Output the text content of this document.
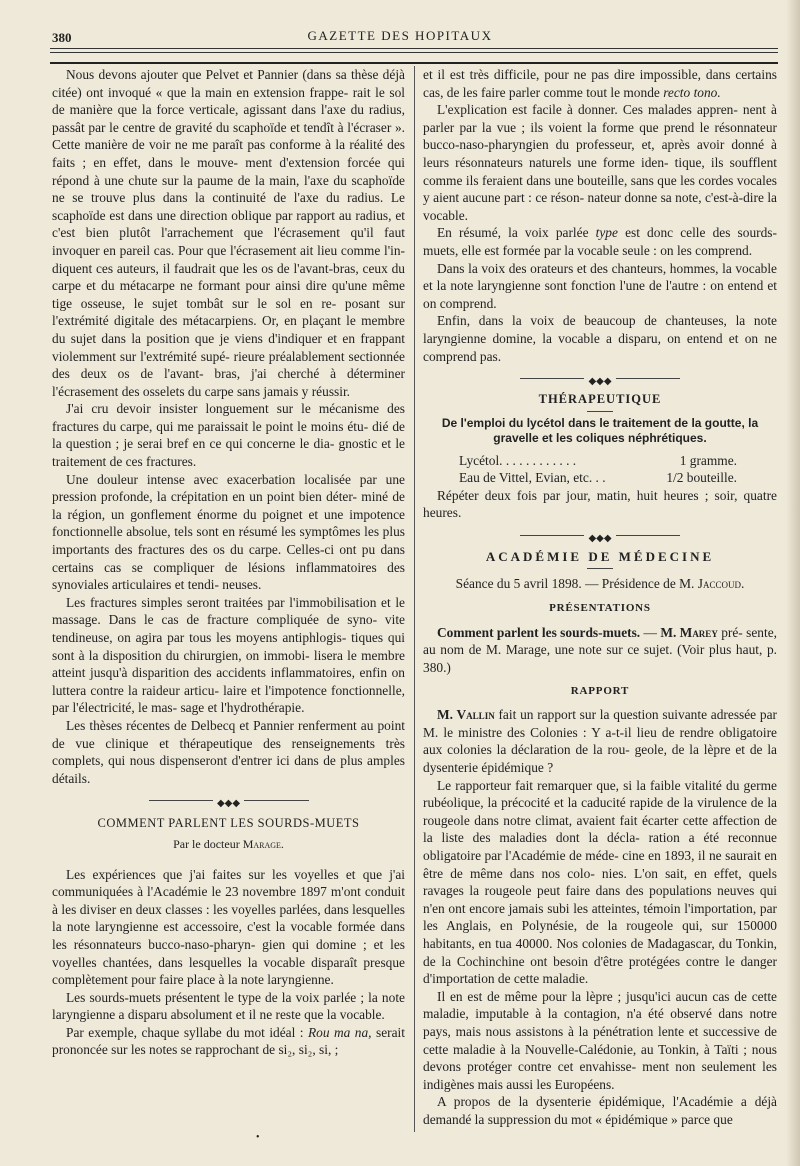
380	GAZETTE DES HOPITAUX

Nous devons ajouter que Pelvet et Pannier (dans sa thèse déjà citée) ont invoqué « que la main en extension frappe- rait le sol de manière que la force verticale, agissant dans l'axe du radius, passât par le centre de gravité du scaphoïde et tendît à l'écraser ». Cette manière de voir ne me paraît pas conforme à la réalité des faits ; en effet, dans le mouve- ment d'extension forcée qui répond à une chute sur la paume de la main, l'axe du scaphoïde ne se trouve plus dans la continuité de l'axe du radius. Le scaphoïde est dans une direction oblique par rapport au radius, et c'est bien plutôt l'arrachement que l'écrasement qu'il faut invoquer en pareil cas. Pour que l'écrasement ait lieu comme l'in- diquent ces auteurs, il faudrait que les os de l'avant-bras, ceux du carpe et du métacarpe ne formant pour ainsi dire qu'une même tige osseuse, le sujet tombât sur le sol en re- posant sur l'extrémité digitale des métacarpiens. Or, en plaçant le membre du sujet dans la position que je viens d'indiquer et en frappant violemment sur l'extrémité supé- rieure préalablement sectionnée des deux os de l'avant- bras, j'ai cherché à déterminer l'écrasement des osselets du carpe sans jamais y réussir.

J'ai cru devoir insister longuement sur le mécanisme des fractures du carpe, qui me paraissait le point le moins étu- dié de la question ; je serai bref en ce qui concerne le dia- gnostic et le traitement de ces fractures.

Une douleur intense avec exacerbation localisée par une pression profonde, la crépitation en un point bien déter- miné de la région, un gonflement énorme du poignet et une impotence fonctionnelle absolue, tels sont en résumé les symptômes les plus importants des fractures des os du carpe. Celles-ci ont pu dans certains cas se compliquer de lésions inflammatoires des synoviales articulaires et tendi- neuses.

Les fractures simples seront traitées par l'immobilisation et le massage. Dans le cas de fracture compliquée de syno- vite tendineuse, on agira par tous les moyens antiphlogis- tiques qui sont à la disposition du chirurgien, on immobi- lisera le membre atteint jusqu'à disparition des accidents inflammatoires, enfin on luttera contre la raideur articu- laire et l'impotence fonctionnelle, par l'électricité, le mas- sage et l'hydrothérapie.

Les thèses récentes de Delbecq et Pannier renferment au point de vue clinique et thérapeutique des renseignements très complets, qui nous dispenseront d'entrer ici dans de plus amples détails.

◆◆◆
COMMENT PARLENT LES SOURDS-MUETS
Par le docteur Marage.

Les expériences que j'ai faites sur les voyelles et que j'ai communiquées à l'Académie le 23 novembre 1897 m'ont conduit à les diviser en deux classes : les voyelles parlées, dans lesquelles la note laryngienne est accessoire, c'est la vocable formée dans les résonnateurs bucco-naso-pharyn- gien qui domine ; et les voyelles chantées, dans lesquelles la vocable disparaît presque complètement pour faire place à la note laryngienne.

Les sourds-muets présentent le type de la voix parlée ; la note laryngienne a disparu absolument et il ne reste que la vocable.

Par exemple, chaque syllabe du mot idéal : Rou ma na, serait prononcée sur les notes se rapprochant de si₂, si₂, si, ;

et il est très difficile, pour ne pas dire impossible, dans certains cas, de les faire parler comme tout le monde recto tono.

L'explication est facile à donner. Ces malades appren- nent à parler par la vue ; ils voient la forme que prend le résonnateur bucco-naso-pharyngien du professeur, et, après avoir donné à leurs résonnateurs naturels une forme iden- tique, ils soufflent comme ils feraient dans une bouteille, sans que les cordes vocales y aient aucune part : ce réson- nateur donne sa note, c'est-à-dire la vocable.

En résumé, la voix parlée type est donc celle des sourds- muets, elle est formée par la vocable seule : on les comprend.

Dans la voix des orateurs et des chanteurs, hommes, la vocable et la note laryngienne sont fonction l'une de l'autre : on entend et on comprend.

Enfin, dans la voix de beaucoup de chanteuses, la note laryngienne domine, la vocable a disparu, on entend et on ne comprend pas.

◆◆◆
THÉRAPEUTIQUE
De l'emploi du lycétol dans le traitement de la goutte, la gravelle et les coliques néphrétiques.
Lycétol. . . . . . . . . . . .	1 gramme.
Eau de Vittel, Evian, etc. . .	1/2 bouteille.

Répéter deux fois par jour, matin, huit heures ; soir, quatre heures.

◆◆◆
ACADÉMIE DE MÉDECINE
Séance du 5 avril 1898. — Présidence de M. Jaccoud.
PRÉSENTATIONS

Comment parlent les sourds-muets. — M. Marey pré- sente, au nom de M. Marage, une note sur ce sujet. (Voir plus haut, p. 380.)

RAPPORT

M. Vallin fait un rapport sur la question suivante adressée par M. le ministre des Colonies : Y a-t-il lieu de rendre obligatoire aux colonies la déclaration de la rou- geole, de la lèpre et de la dysenterie épidémique ?

Le rapporteur fait remarquer que, si la faible vitalité du germe rubéolique, la précocité et la caducité rapide de la virulence de la rougeole dans notre climat, avaient fait écarter cette affection de la liste des maladies dont la décla- ration a été reconnue obligatoire par l'Académie de méde- cine en 1893, il ne saurait en être de même dans nos colo- nies. L'on sait, en effet, quels ravages la rougeole peut faire dans des populations neuves qui n'en ont encore jamais subi les atteintes, témoin l'importation, par les Anglais, en Polynésie, de la rougeole qui, sur 150000 habitants, en tua 40000. Nos colonies de Madagascar, du Tonkin, de la Cochinchine ont besoin d'être protégées contre le danger d'importation de cette maladie.

Il en est de même pour la lèpre ; jusqu'ici aucun cas de cette maladie, imputable à la contagion, n'a été observé dans notre pays, mais nous assistons à la pénétration lente et successive de cette maladie à la Nouvelle-Calédonie, au Tonkin, à Taïti ; nous devons protéger contre cet envahisse- ment non seulement les indigènes mais aussi les Européens.

A propos de la dysenterie épidémique, l'Académie a déjà demandé la suppression du mot « épidémique » parce que

•
